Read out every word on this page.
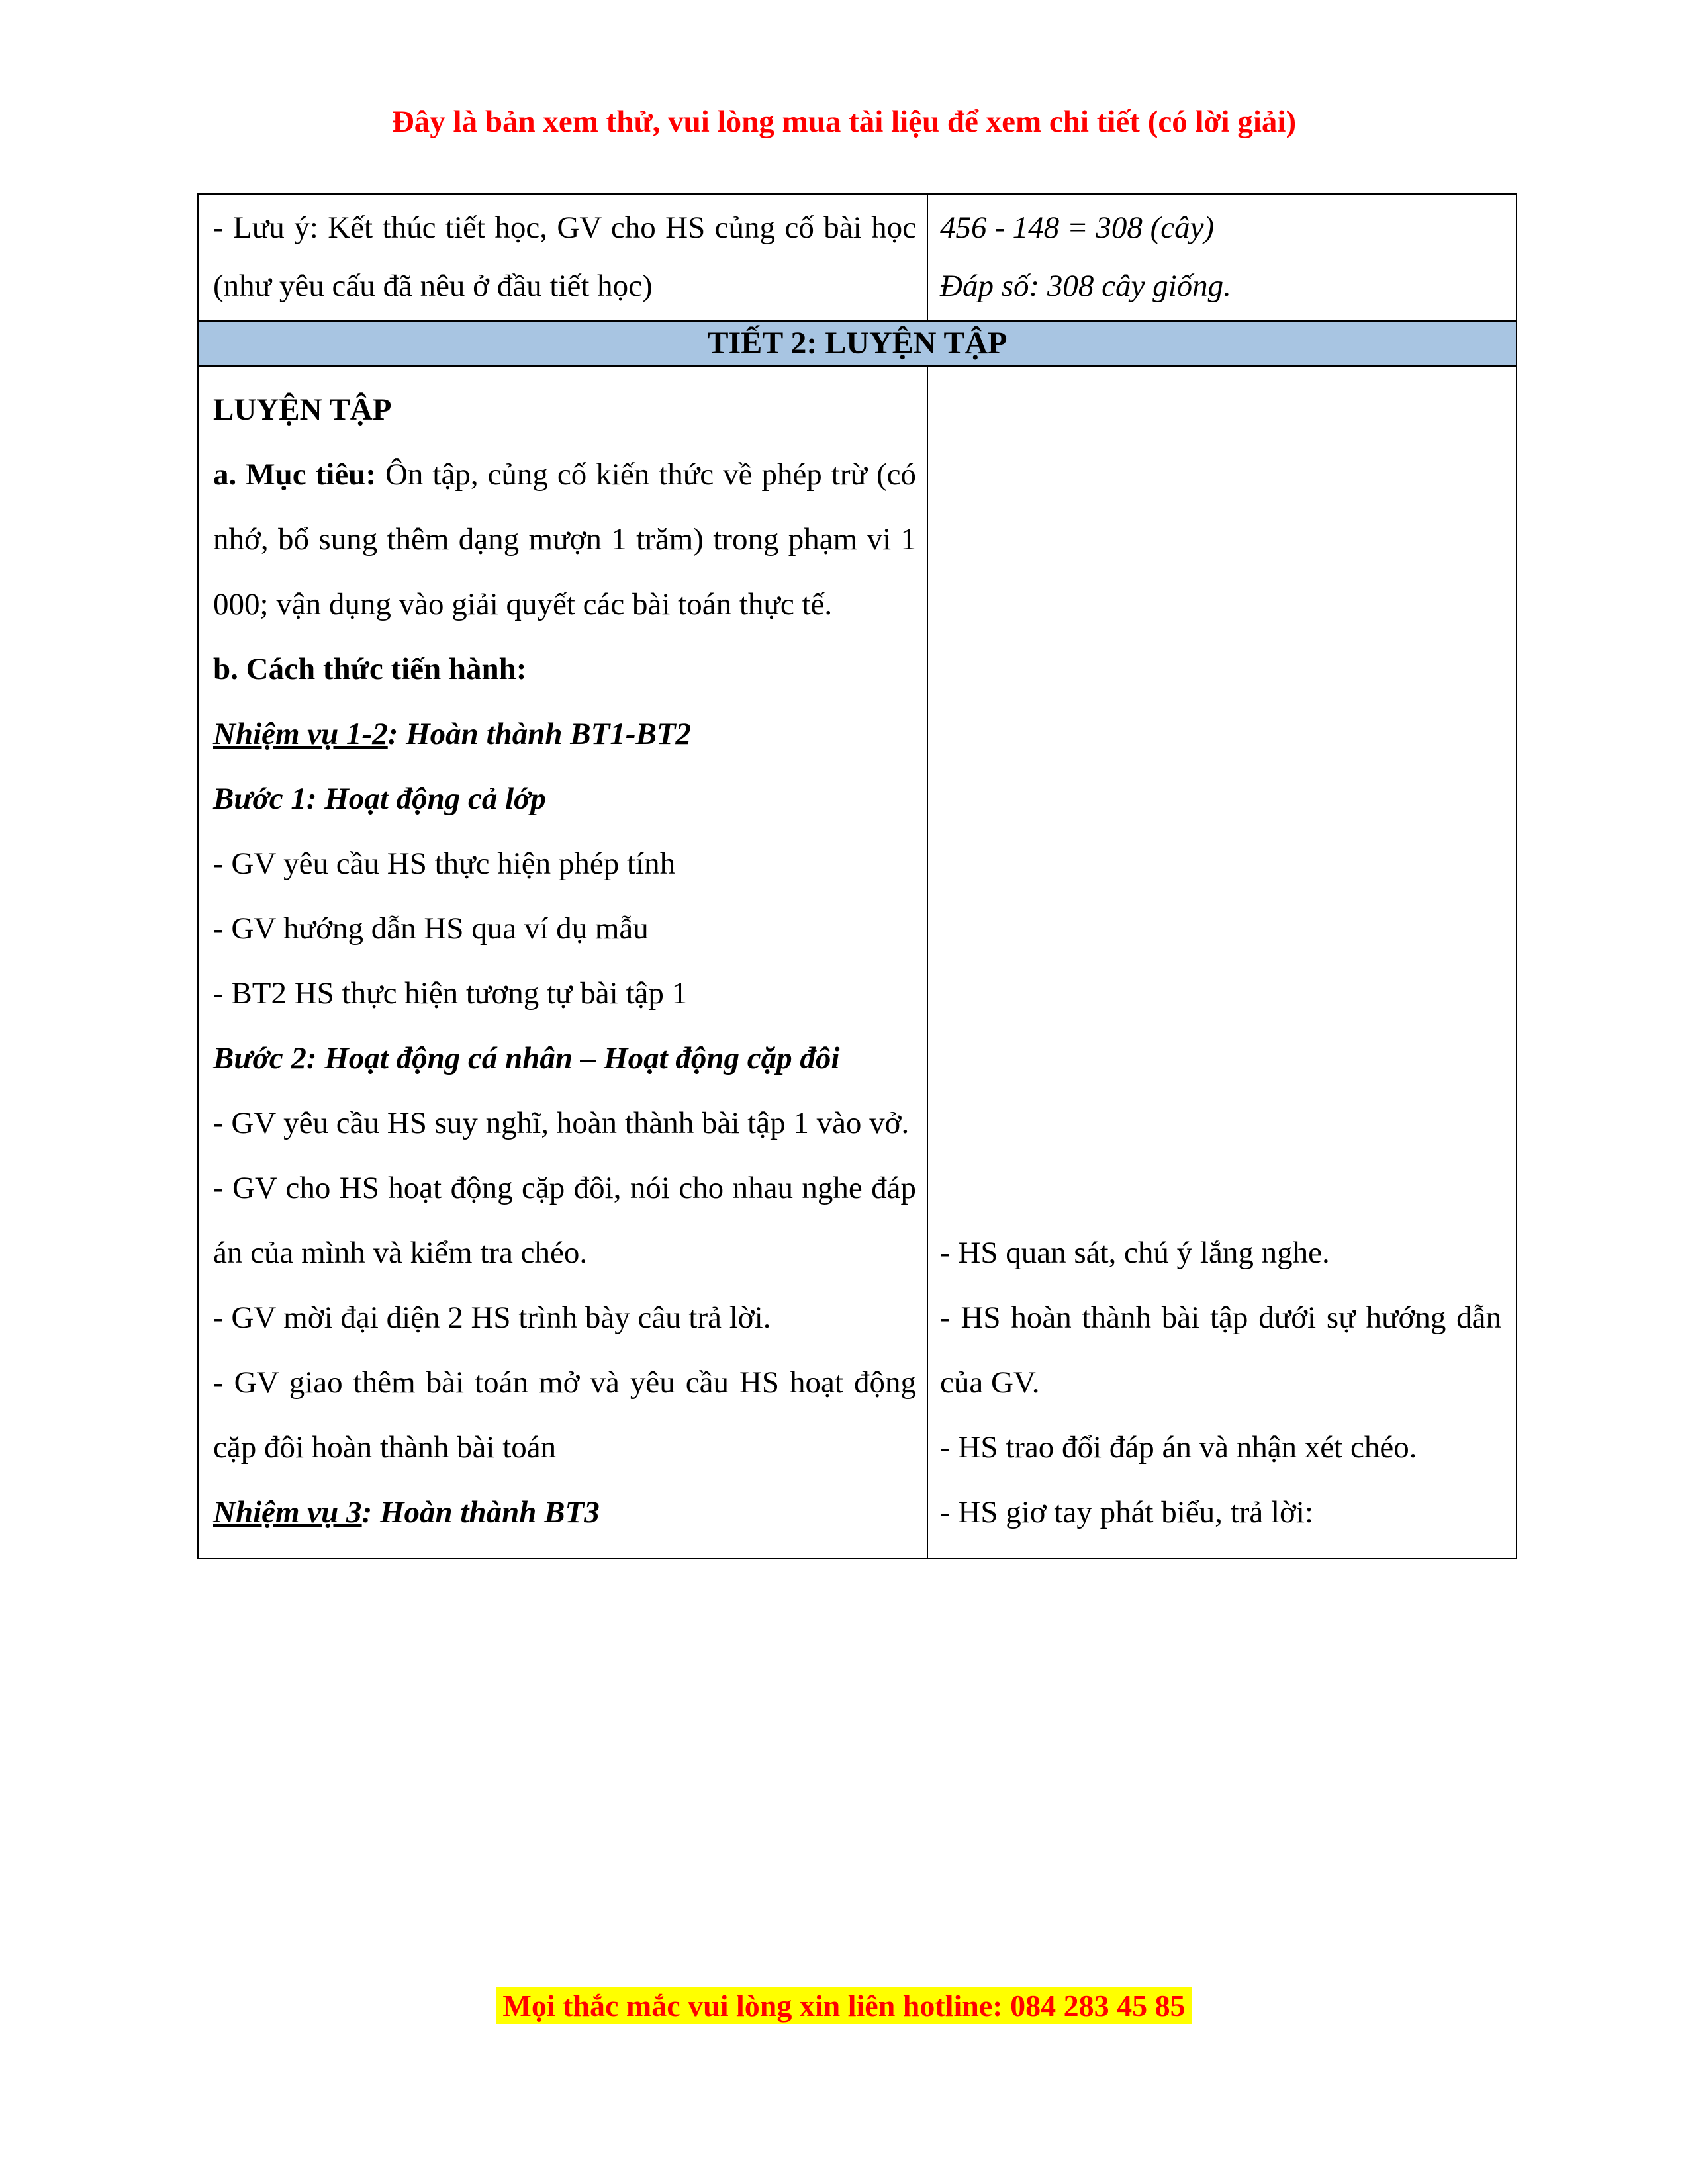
Đây là bản xem thử, vui lòng mua tài liệu để xem chi tiết (có lời giải)

- Lưu ý: Kết thúc tiết học, GV cho HS củng cố bài học (như yêu cấu đã nêu ở đầu tiết học)

456 - 148 = 308 (cây)
Đáp số: 308 cây giống.
TIẾT 2: LUYỆN TẬP

LUYỆN TẬP

a. Mục tiêu: Ôn tập, củng cố kiến thức về phép trừ (có nhớ, bổ sung thêm dạng mượn 1 trăm) trong phạm vi 1 000; vận dụng vào giải quyết các bài toán thực tế.

b. Cách thức tiến hành:

Nhiệm vụ 1-2: Hoàn thành BT1-BT2

Bước 1: Hoạt động cả lớp

- GV yêu cầu HS thực hiện phép tính

- GV hướng dẫn HS qua ví dụ mẫu

- BT2 HS thực hiện tương tự bài tập 1

Bước 2: Hoạt động cá nhân – Hoạt động cặp đôi

- GV yêu cầu HS suy nghĩ, hoàn thành bài tập 1 vào vở.

- GV cho HS hoạt động cặp đôi, nói cho nhau nghe đáp án của mình và kiểm tra chéo.

- GV mời đại diện 2 HS trình bày câu trả lời.

- GV giao thêm bài toán mở và yêu cầu HS hoạt động cặp đôi hoàn thành bài toán

Nhiệm vụ 3: Hoàn thành BT3

- HS quan sát, chú ý lắng nghe.

- HS hoàn thành bài tập dưới sự hướng dẫn của GV.

- HS trao đổi đáp án và nhận xét chéo.

- HS giơ tay phát biểu, trả lời:

Mọi thắc mắc vui lòng xin liên hotline: 084 283 45 85
